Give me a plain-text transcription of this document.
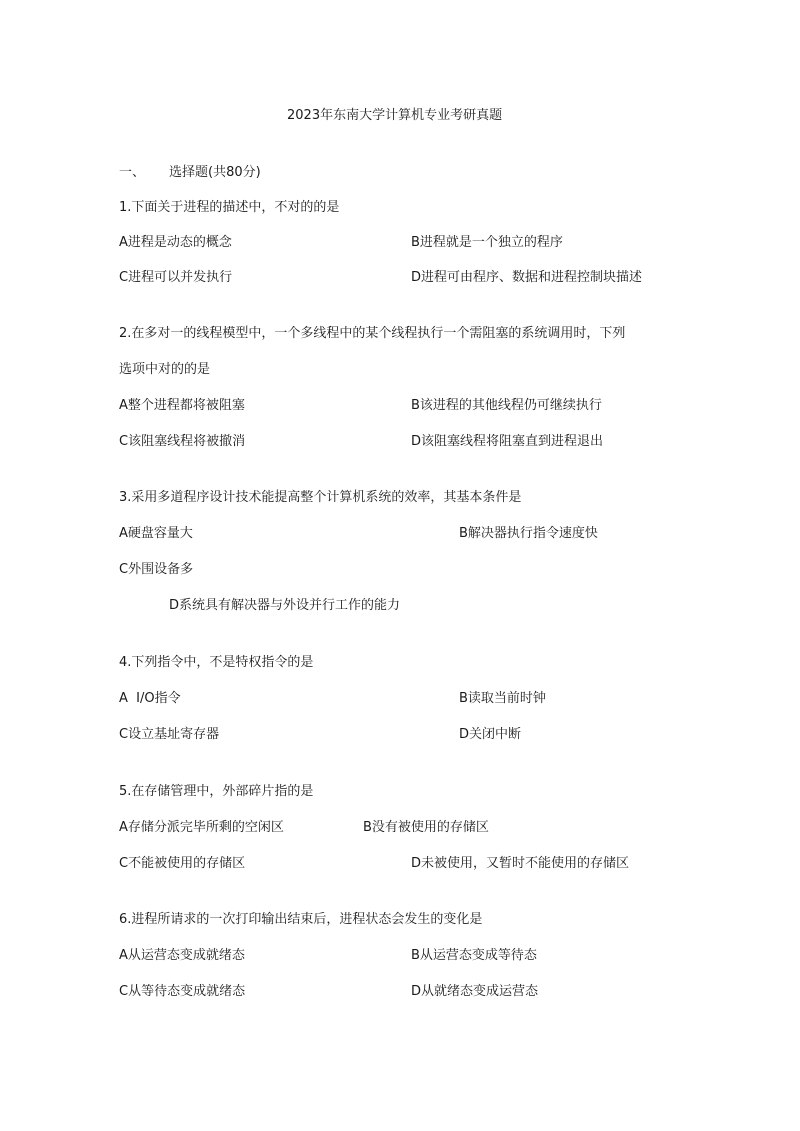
2023年东南大学计算机专业考研真题
一、 选择题(共80分)
1.下面关于进程的描述中，不对的的是
A进程是动态的概念	B进程就是一个独立的程序
C进程可以并发执行	D进程可由程序、数据和进程控制块描述
2.在多对一的线程模型中，一个多线程中的某个线程执行一个需阻塞的系统调用时，下列
选项中对的的是
A整个进程都将被阻塞	B该进程的其他线程仍可继续执行
C该阻塞线程将被撤消	D该阻塞线程将阻塞直到进程退出
3.采用多道程序设计技术能提高整个计算机系统的效率，其基本条件是
A硬盘容量大	B解决器执行指令速度快
C外围设备多
D系统具有解决器与外设并行工作的能力
4.下列指令中，不是特权指令的是
A  I/O指令	B读取当前时钟
C设立基址寄存器	D关闭中断
5.在存储管理中，外部碎片指的是
A存储分派完毕所剩的空闲区	B没有被使用的存储区
C不能被使用的存储区	D未被使用，又暂时不能使用的存储区
6.进程所请求的一次打印输出结束后，进程状态会发生的变化是
A从运营态变成就绪态	B从运营态变成等待态
C从等待态变成就绪态	D从就绪态变成运营态
